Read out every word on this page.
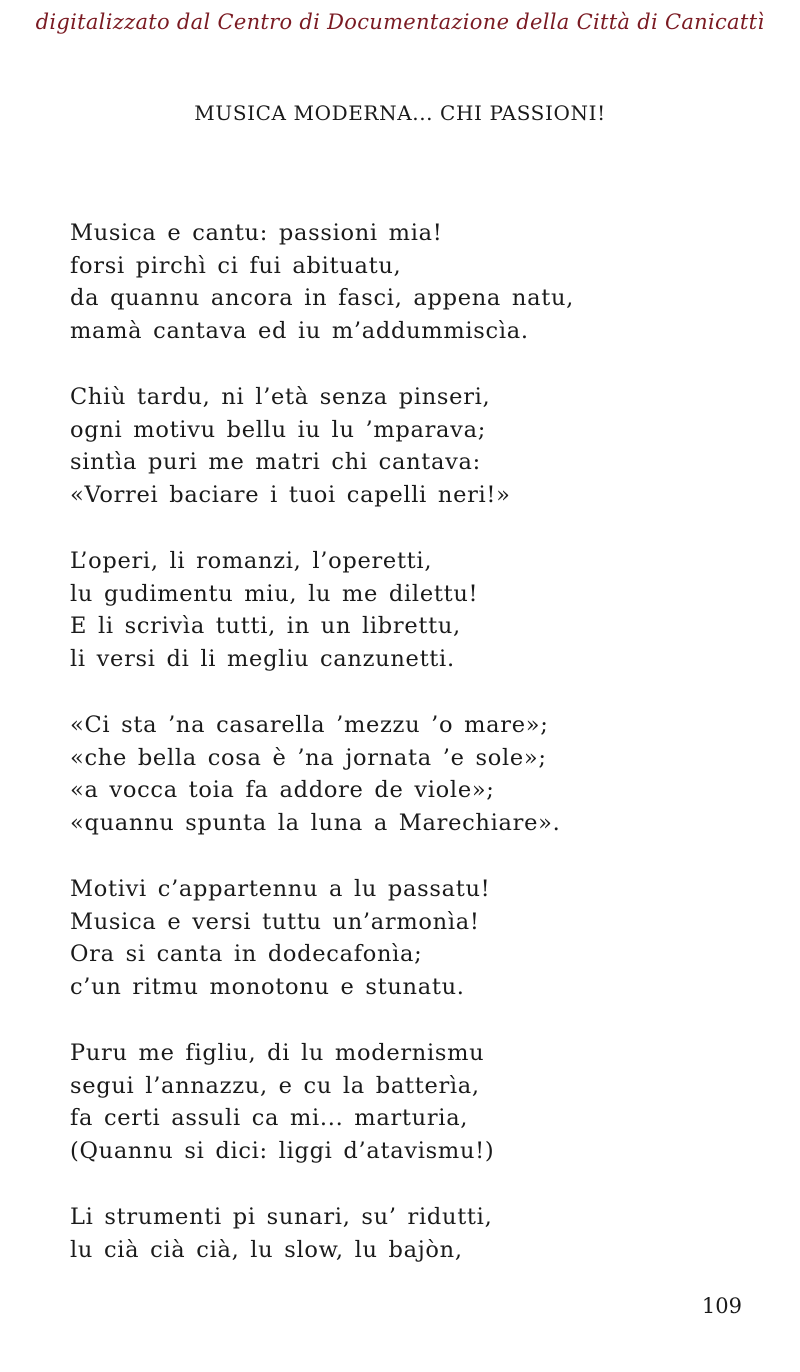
digitalizzato dal Centro di Documentazione della Città di Canicattì
MUSICA MODERNA... CHI PASSIONI!
Musica e cantu: passioni mia!
forsi pirchì ci fui abituatu,
da quannu ancora in fasci, appena natu,
mamà cantava ed iu m’addummiscìa.
Chiù tardu, ni l’età senza pinseri,
ogni motivu bellu iu lu ’mparava;
sintìa puri me matri chi cantava:
«Vorrei baciare i tuoi capelli neri!»
L’operi, li romanzi, l’operetti,
lu gudimentu miu, lu me dilettu!
E li scrivìa tutti, in un librettu,
li versi di li megliu canzunetti.
«Ci sta ’na casarella ’mezzu ’o mare»;
«che bella cosa è ’na jornata ’e sole»;
«a vocca toia fa addore de viole»;
«quannu spunta la luna a Marechiare».
Motivi c’appartennu a lu passatu!
Musica e versi tuttu un’armonìa!
Ora si canta in dodecafonìa;
c’un ritmu monotonu e stunatu.
Puru me figliu, di lu modernismu
segui l’annazzu, e cu la batterìa,
fa certi assuli ca mi... marturia,
(Quannu si dici: liggi d’atavismu!)
Li strumenti pi sunari, su’ ridutti,
lu cià cià cià, lu slow, lu bajòn,
109
